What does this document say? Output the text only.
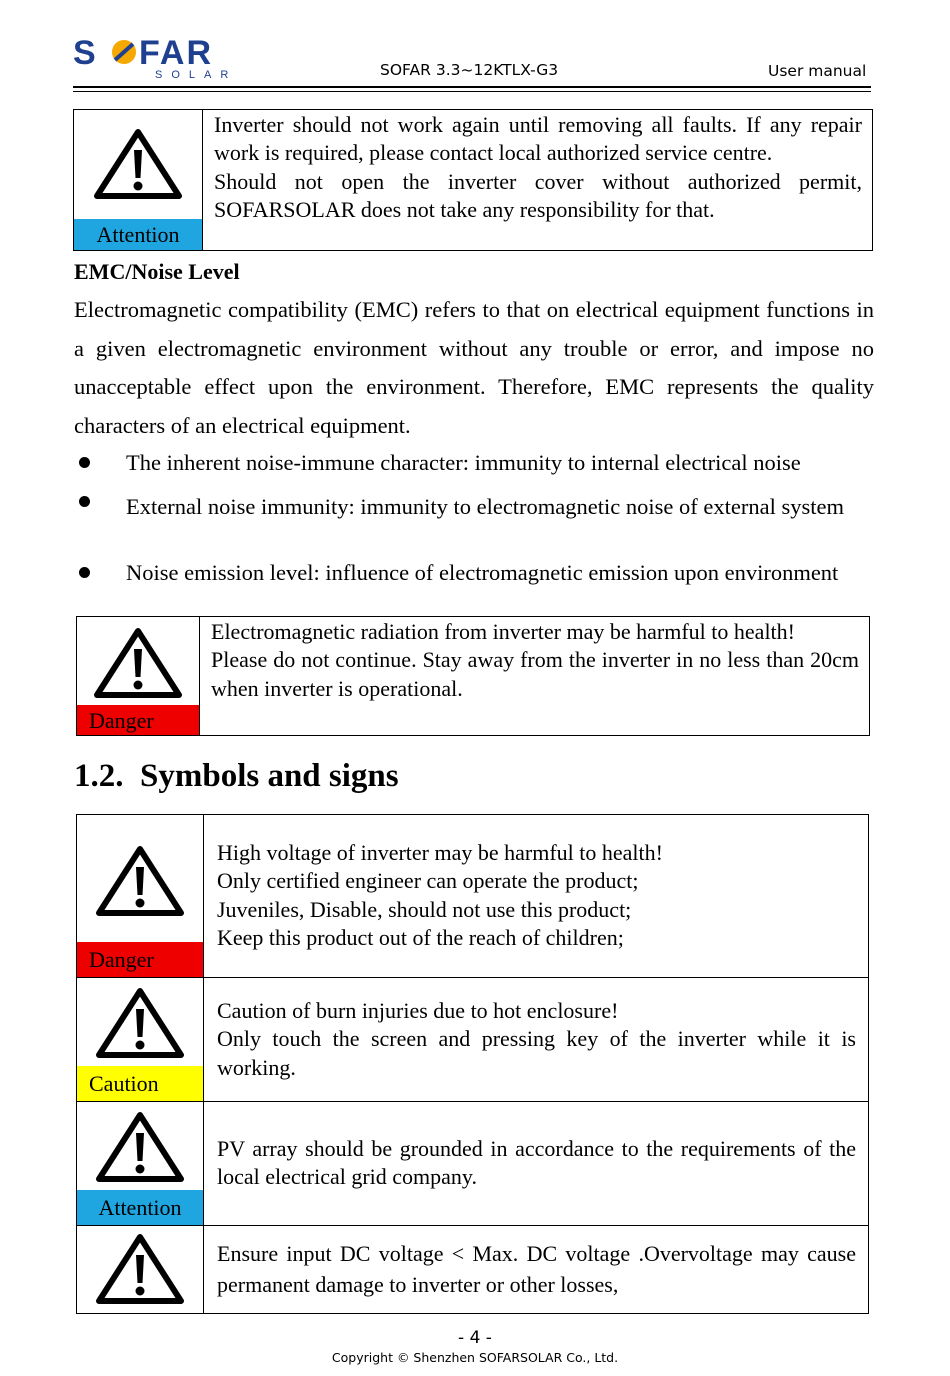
S FAR
SOLAR	SOFAR 3.3~12KTLX-G3	User manual
Attention

Inverter should not work again until removing all faults. If any repair work is required, please contact local authorized service centre.

Should not open the inverter cover without authorized permit, SOFARSOLAR does not take any responsibility for that.

EMC/Noise Level
Electromagnetic compatibility (EMC) refers to that on electrical equipment functions in a given electromagnetic environment without any trouble or error, and impose no unacceptable effect upon the environment. Therefore, EMC represents the quality characters of an electrical equipment.
The inherent noise-immune character: immunity to internal electrical noise
External noise immunity: immunity to electromagnetic noise of external system
Noise emission level: influence of electromagnetic emission upon environment
Danger

Electromagnetic radiation from inverter may be harmful to health!

Please do not continue. Stay away from the inverter in no less than 20cm when inverter is operational.

1.2.  Symbols and signs
Danger

High voltage of inverter may be harmful to health!

Only certified engineer can operate the product;

Juveniles, Disable, should not use this product;

Keep this product out of the reach of children;

Caution

Caution of burn injuries due to hot enclosure!

Only touch the screen and pressing key of the inverter while it is working.

Attention

PV array should be grounded in accordance to the requirements of the local electrical grid company.

Ensure input DC voltage < Max. DC voltage .Overvoltage may cause permanent damage to inverter or other losses,

- 4 -
Copyright © Shenzhen SOFARSOLAR Co., Ltd.
